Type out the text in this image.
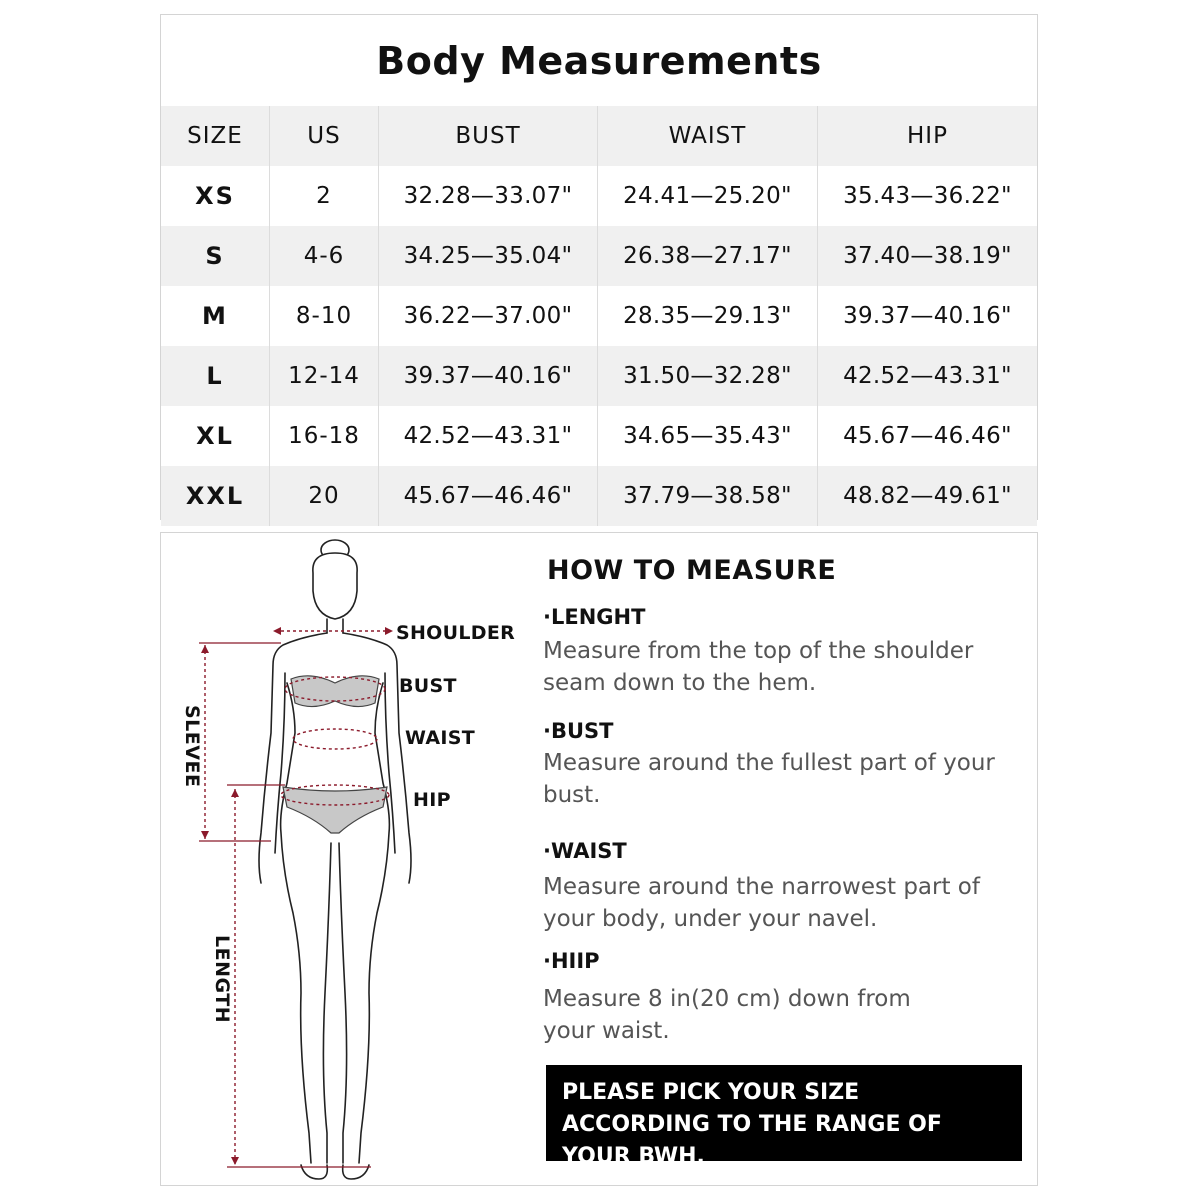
Body Measurements
SIZE	US	BUST	WAIST	HIP
XS	2	32.28—33.07"	24.41—25.20"	35.43—36.22"
S	4-6	34.25—35.04"	26.38—27.17"	37.40—38.19"
M	8-10	36.22—37.00"	28.35—29.13"	39.37—40.16"
L	12-14	39.37—40.16"	31.50—32.28"	42.52—43.31"
XL	16-18	42.52—43.31"	34.65—35.43"	45.67—46.46"
XXL	20	45.67—46.46"	37.79—38.58"	48.82—49.61"
SHOULDER
BUST
WAIST
HIP
SLEVEE
LENGTH
HOW TO MEASURE
·LENGHT
Measure from the top of the shoulder seam down to the hem.
·BUST
Measure around the fullest part of your bust.
·WAIST
Measure around the narrowest part of your body, under your navel.
·HIIP
Measure 8 in(20 cm) down from your waist.
PLEASE PICK YOUR SIZE ACCORDING TO THE RANGE OF YOUR BWH.
